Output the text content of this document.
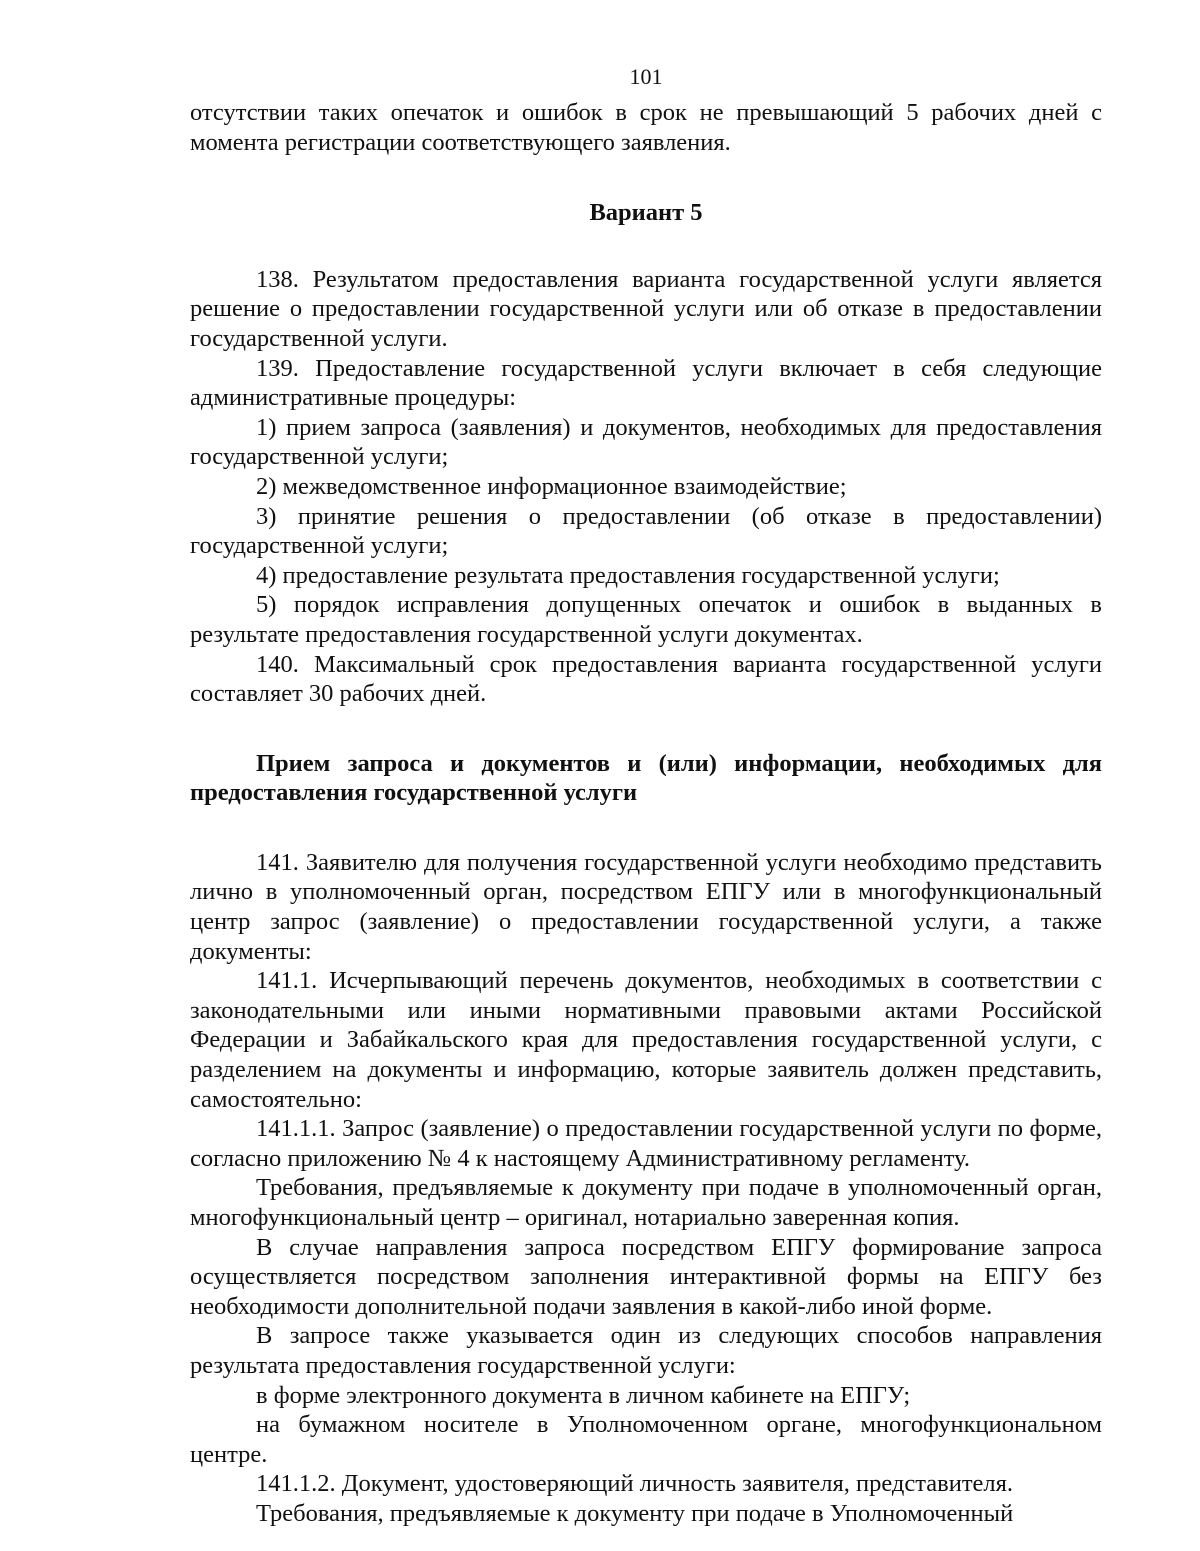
101

отсутствии таких опечаток и ошибок в срок не превышающий 5 рабочих дней с момента регистрации соответствующего заявления.

Вариант 5

138. Результатом предоставления варианта государственной услуги является решение о предоставлении государственной услуги или об отказе в предоставлении государственной услуги.

139. Предоставление государственной услуги включает в себя следующие административные процедуры:

1) прием запроса (заявления) и документов, необходимых для предоставления государственной услуги;

2) межведомственное информационное взаимодействие;

3) принятие решения о предоставлении (об отказе в предоставлении) государственной услуги;

4) предоставление результата предоставления государственной услуги;

5) порядок исправления допущенных опечаток и ошибок в выданных в результате предоставления государственной услуги документах.

140. Максимальный срок предоставления варианта государственной услуги составляет 30 рабочих дней.

Прием запроса и документов и (или) информации, необходимых для предоставления государственной услуги

141. Заявителю для получения государственной услуги необходимо представить лично в уполномоченный орган, посредством ЕПГУ или в многофункциональный центр запрос (заявление) о предоставлении государственной услуги, а также документы:

141.1. Исчерпывающий перечень документов, необходимых в соответствии с законодательными или иными нормативными правовыми актами Российской Федерации и Забайкальского края для предоставления государственной услуги, с разделением на документы и информацию, которые заявитель должен представить, самостоятельно:

141.1.1. Запрос (заявление) о предоставлении государственной услуги по форме, согласно приложению № 4 к настоящему Административному регламенту.

Требования, предъявляемые к документу при подаче в уполномоченный орган, многофункциональный центр – оригинал, нотариально заверенная копия.

В случае направления запроса посредством ЕПГУ формирование запроса осуществляется посредством заполнения интерактивной формы на ЕПГУ без необходимости дополнительной подачи заявления в какой-либо иной форме.

В запросе также указывается один из следующих способов направления результата предоставления государственной услуги:

в форме электронного документа в личном кабинете на ЕПГУ;

на бумажном носителе в Уполномоченном органе, многофункциональном центре.

141.1.2. Документ, удостоверяющий личность заявителя, представителя.

Требования, предъявляемые к документу при подаче в Уполномоченный
